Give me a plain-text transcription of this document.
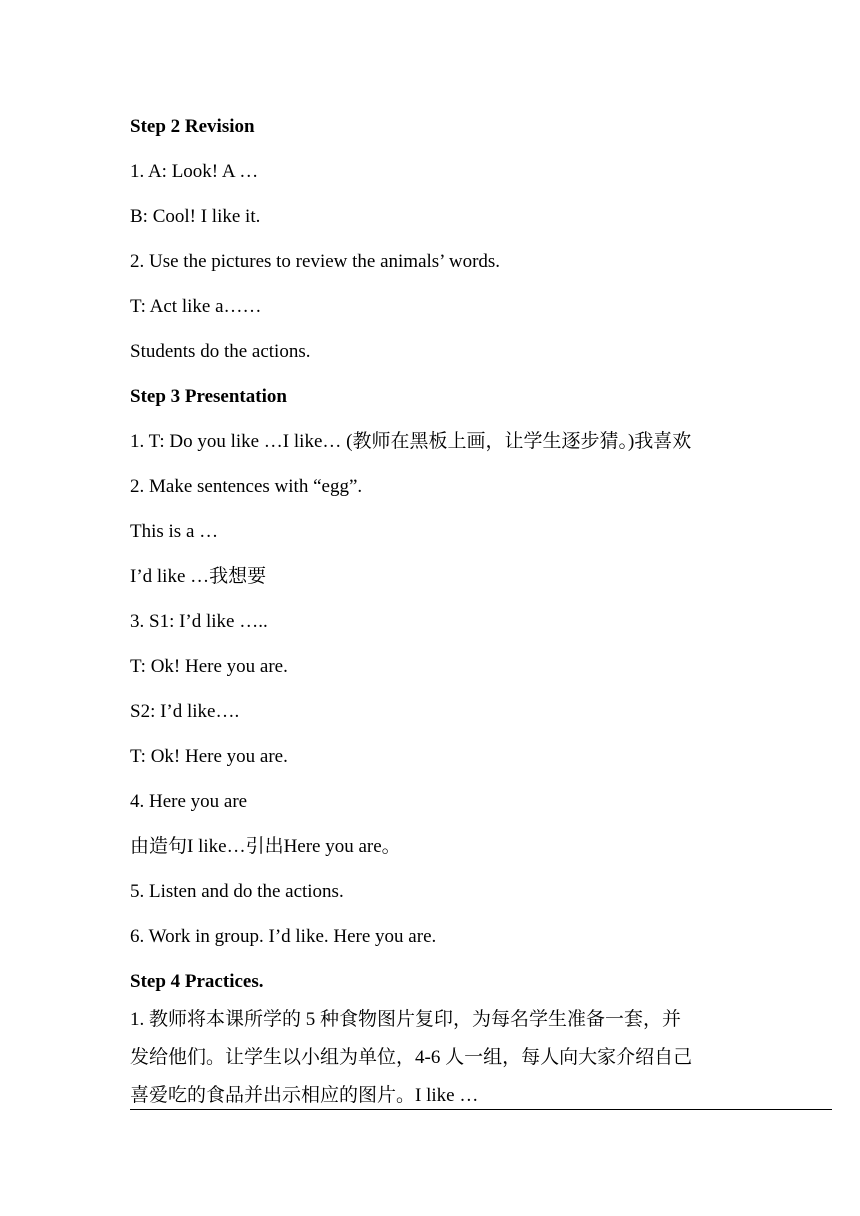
Step 2 Revision
1. A: Look! A …
B: Cool! I like it.
2. Use the pictures to review the animals’ words.
T: Act like a……
Students do the actions.
Step 3 Presentation
1. T: Do you like …I like… (教师在黑板上画，让学生逐步猜。)我喜欢
2. Make sentences with “egg”.
This is a …
I’d like …我想要
3. S1: I’d like …..
T: Ok! Here you are.
S2: I’d like….
T: Ok! Here you are.
4. Here you are
由造句I like…引出Here you are。
5. Listen and do the actions.
6. Work in group. I’d like. Here you are.
Step 4 Practices.
1. 教师将本课所学的 5 种食物图片复印，为每名学生准备一套，并
发给他们。让学生以小组为单位，4-6 人一组，每人向大家介绍自己
喜爱吃的食品并出示相应的图片。I like …
